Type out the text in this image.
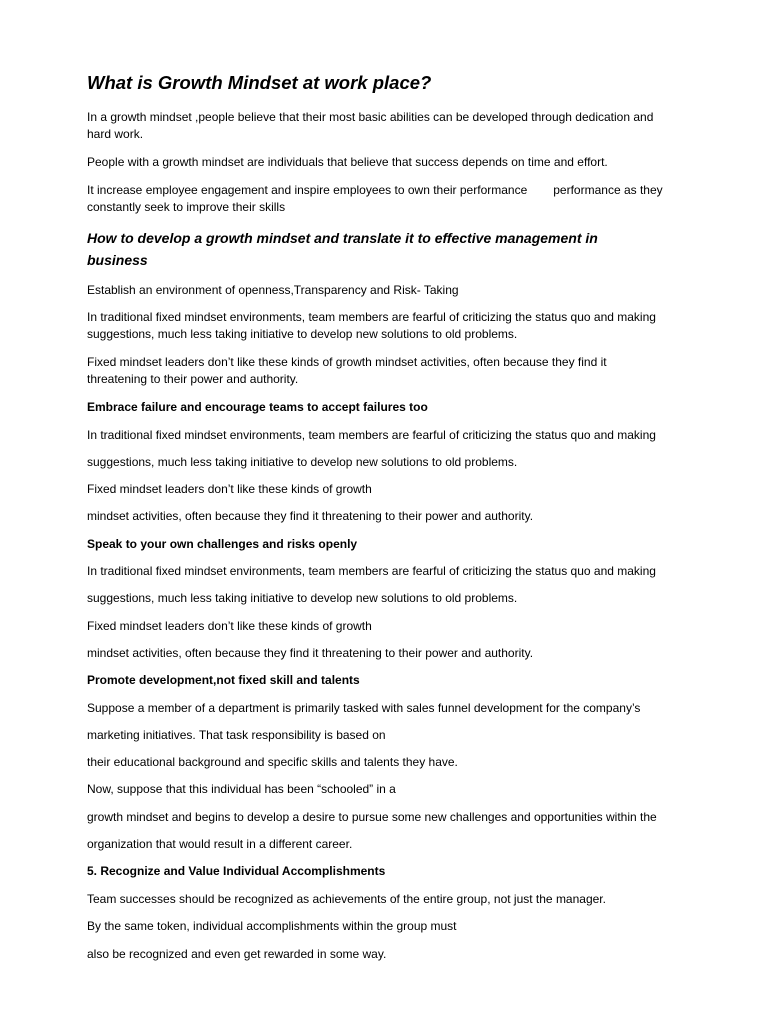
What is Growth Mindset at work place?
In a growth mindset ,people believe that their most basic abilities can be developed through dedication and
hard work.
People with a growth mindset are individuals that believe that success depends on time and effort.
It increase employee engagement and inspire employees to own their performance performance as they
constantly seek to improve their skills
How to develop a growth mindset and translate it to effective management in
business
Establish an environment of openness,Transparency and Risk- Taking
In traditional fixed mindset environments, team members are fearful of criticizing the status quo and making
suggestions, much less taking initiative to develop new solutions to old problems.
Fixed mindset leaders don’t like these kinds of growth mindset activities, often because they find it
threatening to their power and authority.
Embrace failure and encourage teams to accept failures too
In traditional fixed mindset environments, team members are fearful of criticizing the status quo and making
suggestions, much less taking initiative to develop new solutions to old problems.
Fixed mindset leaders don’t like these kinds of growth
mindset activities, often because they find it threatening to their power and authority.
Speak to your own challenges and risks openly
In traditional fixed mindset environments, team members are fearful of criticizing the status quo and making
suggestions, much less taking initiative to develop new solutions to old problems.
Fixed mindset leaders don’t like these kinds of growth
mindset activities, often because they find it threatening to their power and authority.
Promote development,not fixed skill and talents
Suppose a member of a department is primarily tasked with sales funnel development for the company’s
marketing initiatives. That task responsibility is based on
their educational background and specific skills and talents they have.
Now, suppose that this individual has been “schooled” in a
growth mindset and begins to develop a desire to pursue some new challenges and opportunities within the
organization that would result in a different career.
5. Recognize and Value Individual Accomplishments
Team successes should be recognized as achievements of the entire group, not just the manager.
By the same token, individual accomplishments within the group must
also be recognized and even get rewarded in some way.
